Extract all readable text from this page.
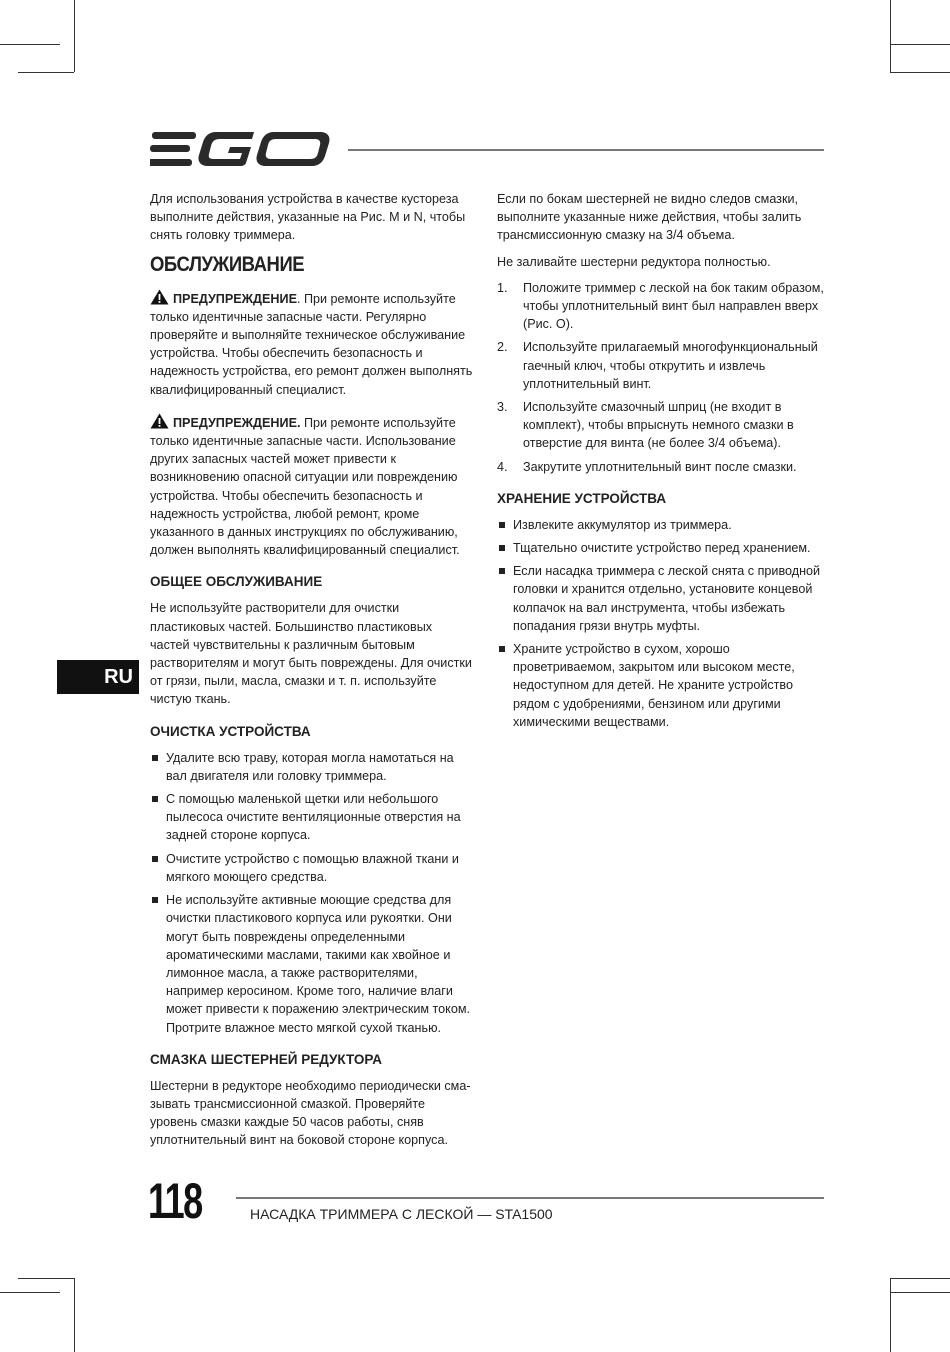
RU

Для использования устройства в качестве кустореза выполните действия, указанные на Рис. M и N, чтобы снять головку триммера.

ОБСЛУЖИВАНИЕ

ПРЕДУПРЕЖДЕНИЕ. При ремонте используйте только идентичные запасные части. Регулярно проверяйте и выполняйте техническое обслуживание устройства. Чтобы обеспечить безопасность и надежность устройства, его ремонт должен выполнять квалифицированный специалист.

ПРЕДУПРЕЖДЕНИЕ. При ремонте используйте только идентичные запасные части. Использование других запасных частей может привести к возникновению опасной ситуации или повреждению устройства. Чтобы обеспечить безопасность и надежность устройства, любой ремонт, кроме указанного в данных инструкциях по обслуживанию, должен выполнять квалифицированный специалист.

ОБЩЕЕ ОБСЛУЖИВАНИЕ

Не используйте растворители для очистки пластиковых частей. Большинство пластиковых частей чувствительны к различным бытовым растворителям и могут быть повреждены. Для очистки от грязи, пыли, масла, смазки и т. п. используйте чистую ткань.

ОЧИСТКА УСТРОЙСТВА
Удалите всю траву, которая могла намотаться на вал двигателя или головку триммера.
С помощью маленькой щетки или небольшого пылесоса очистите вентиляционные отверстия на задней стороне корпуса.
Очистите устройство с помощью влажной ткани и мягкого моющего средства.
Не используйте активные моющие средства для очистки пластикового корпуса или рукоятки. Они могут быть повреждены определенными ароматическими маслами, такими как хвойное и лимонное масла, а также растворителями, например керосином. Кроме того, наличие влаги может привести к поражению электрическим током. Протрите влажное место мягкой сухой тканью.
СМАЗКА ШЕСТЕРНЕЙ РЕДУКТОРА

Шестерни в редукторе необходимо периодически сма-зывать трансмиссионной смазкой. Проверяйте уровень смазки каждые 50 часов работы, сняв уплотнительный винт на боковой стороне корпуса.

Если по бокам шестерней не видно следов смазки, выполните указанные ниже действия, чтобы залить трансмиссионную смазку на 3/4 объема.

Не заливайте шестерни редуктора полностью.

1. Положите триммер с леской на бок таким образом, чтобы уплотнительный винт был направлен вверх (Рис. O).
2. Используйте прилагаемый многофункциональный гаечный ключ, чтобы открутить и извлечь уплотнительный винт.
3. Используйте смазочный шприц (не входит в комплект), чтобы впрыснуть немного смазки в отверстие для винта (не более 3/4 объема).
4. Закрутите уплотнительный винт после смазки.
ХРАНЕНИЕ УСТРОЙСТВА
Извлеките аккумулятор из триммера.
Тщательно очистите устройство перед хранением.
Если насадка триммера с леской снята с приводной головки и хранится отдельно, установите концевой колпачок на вал инструмента, чтобы избежать попадания грязи внутрь муфты.
Храните устройство в сухом, хорошо проветриваемом, закрытом или высоком месте, недоступном для детей. Не храните устройство рядом с удобрениями, бензином или другими химическими веществами.
118	НАСАДКА ТРИММЕРА С ЛЕСКОЙ — STA1500
